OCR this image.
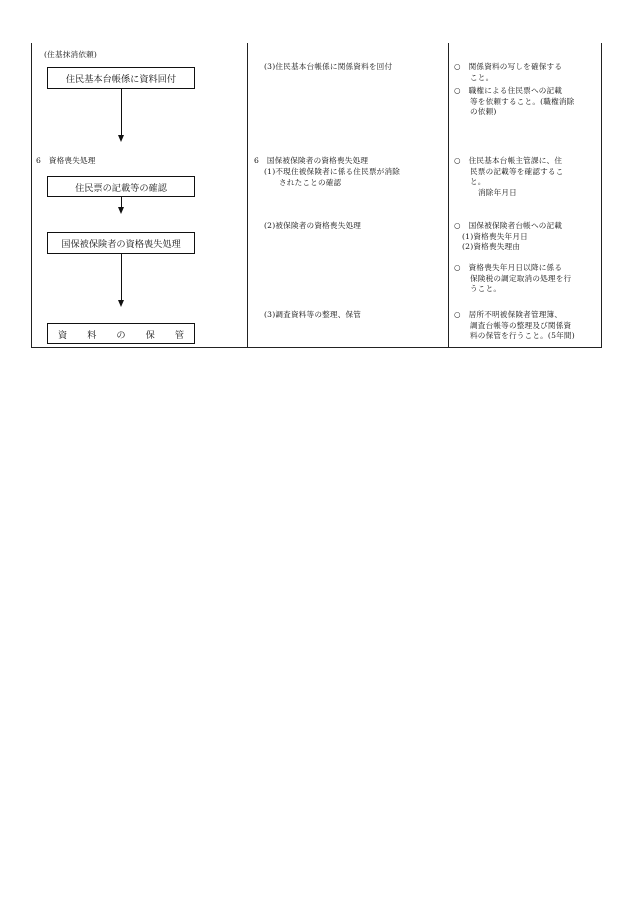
(住基抹消依頼)
住民基本台帳係に資料回付
6　資格喪失処理
住民票の記載等の確認
国保被保険者の資格喪失処理
資 料 の 保 管
(3)住民基本台帳係に関係資料を回付
6　国保被保険者の資格喪失処理
(1)不現住被保険者に係る住民票が消除
されたことの確認
(2)被保険者の資格喪失処理
(3)調査資料等の整理、保管
○　関係資料の写しを確保する
こと。
○　職権による住民票への記載
等を依頼すること。(職権消除
の依頼)
○　住民基本台帳主管課に、住
民票の記載等を確認するこ
と。
消除年月日
○　国保被保険者台帳への記載
(1)資格喪失年月日
(2)資格喪失理由
○　資格喪失年月日以降に係る
保険税の調定取消の処理を行
うこと。
○　居所不明被保険者管理簿、
調査台帳等の整理及び関係資
料の保管を行うこと。(5年間)
